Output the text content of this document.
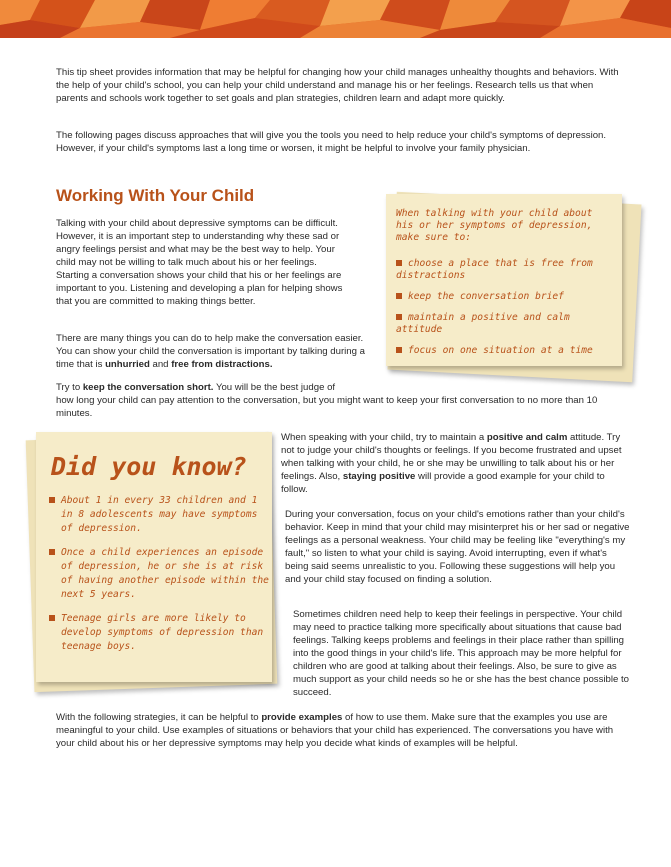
This tip sheet provides information that may be helpful for changing how your child manages unhealthy thoughts and behaviors. With the help of your child's school, you can help your child understand and manage his or her feelings. Research tells us that when parents and schools work together to set goals and plan strategies, children learn and adapt more quickly.

The following pages discuss approaches that will give you the tools you need to help reduce your child's symptoms of depression. However, if your child's symptoms last a long time or worsen, it might be helpful to involve your family physician.

Working With Your Child

Talking with your child about depressive symptoms can be difficult. However, it is an important step to understanding why these sad or angry feelings persist and what may be the best way to help. Your child may not be willing to talk much about his or her feelings. Starting a conversation shows your child that his or her feelings are important to you. Listening and developing a plan for helping shows that you are committed to making things better.

There are many things you can do to help make the conversation easier. You can show your child the conversation is important by talking during a time that is unhurried and free from distractions.

Try to keep the conversation short. You will be the best judge of
how long your child can pay attention to the conversation, but you might want to keep your first conversation to no more than 10 minutes.

When talking with your child about his or her symptoms of depression, make sure to:

choose a place that is free from distractions
keep the conversation brief
maintain a positive and calm attitude
focus on one situation at a time
Did you know?
About 1 in every 33 children and 1 in 8 adolescents may have symptoms of depression.
Once a child experiences an episode of depression, he or she is at risk of having another episode within the next 5 years.
Teenage girls are more likely to develop symptoms of depression than teenage boys.

When speaking with your child, try to maintain a positive and calm attitude. Try not to judge your child's thoughts or feelings. If you become frustrated and upset when talking with your child, he or she may be unwilling to talk about his or her feelings. Also, staying positive will provide a good example for your child to follow.

During your conversation, focus on your child's emotions rather than your child's behavior. Keep in mind that your child may misinterpret his or her sad or negative feelings as a personal weakness. Your child may be feeling like "everything's my fault," so listen to what your child is saying. Avoid interrupting, even if what's being said seems unrealistic to you. Following these suggestions will help you and your child stay focused on finding a solution.

Sometimes children need help to keep their feelings in perspective. Your child may need to practice talking more specifically about situations that cause bad feelings. Talking keeps problems and feelings in their place rather than spilling into the good things in your child's life. This approach may be more helpful for children who are good at talking about their feelings. Also, be sure to give as much support as your child needs so he or she has the best chance possible to succeed.

With the following strategies, it can be helpful to provide examples of how to use them. Make sure that the examples you use are meaningful to your child. Use examples of situations or behaviors that your child has experienced. The conversations you have with your child about his or her depressive symptoms may help you decide what kinds of examples will be helpful.
